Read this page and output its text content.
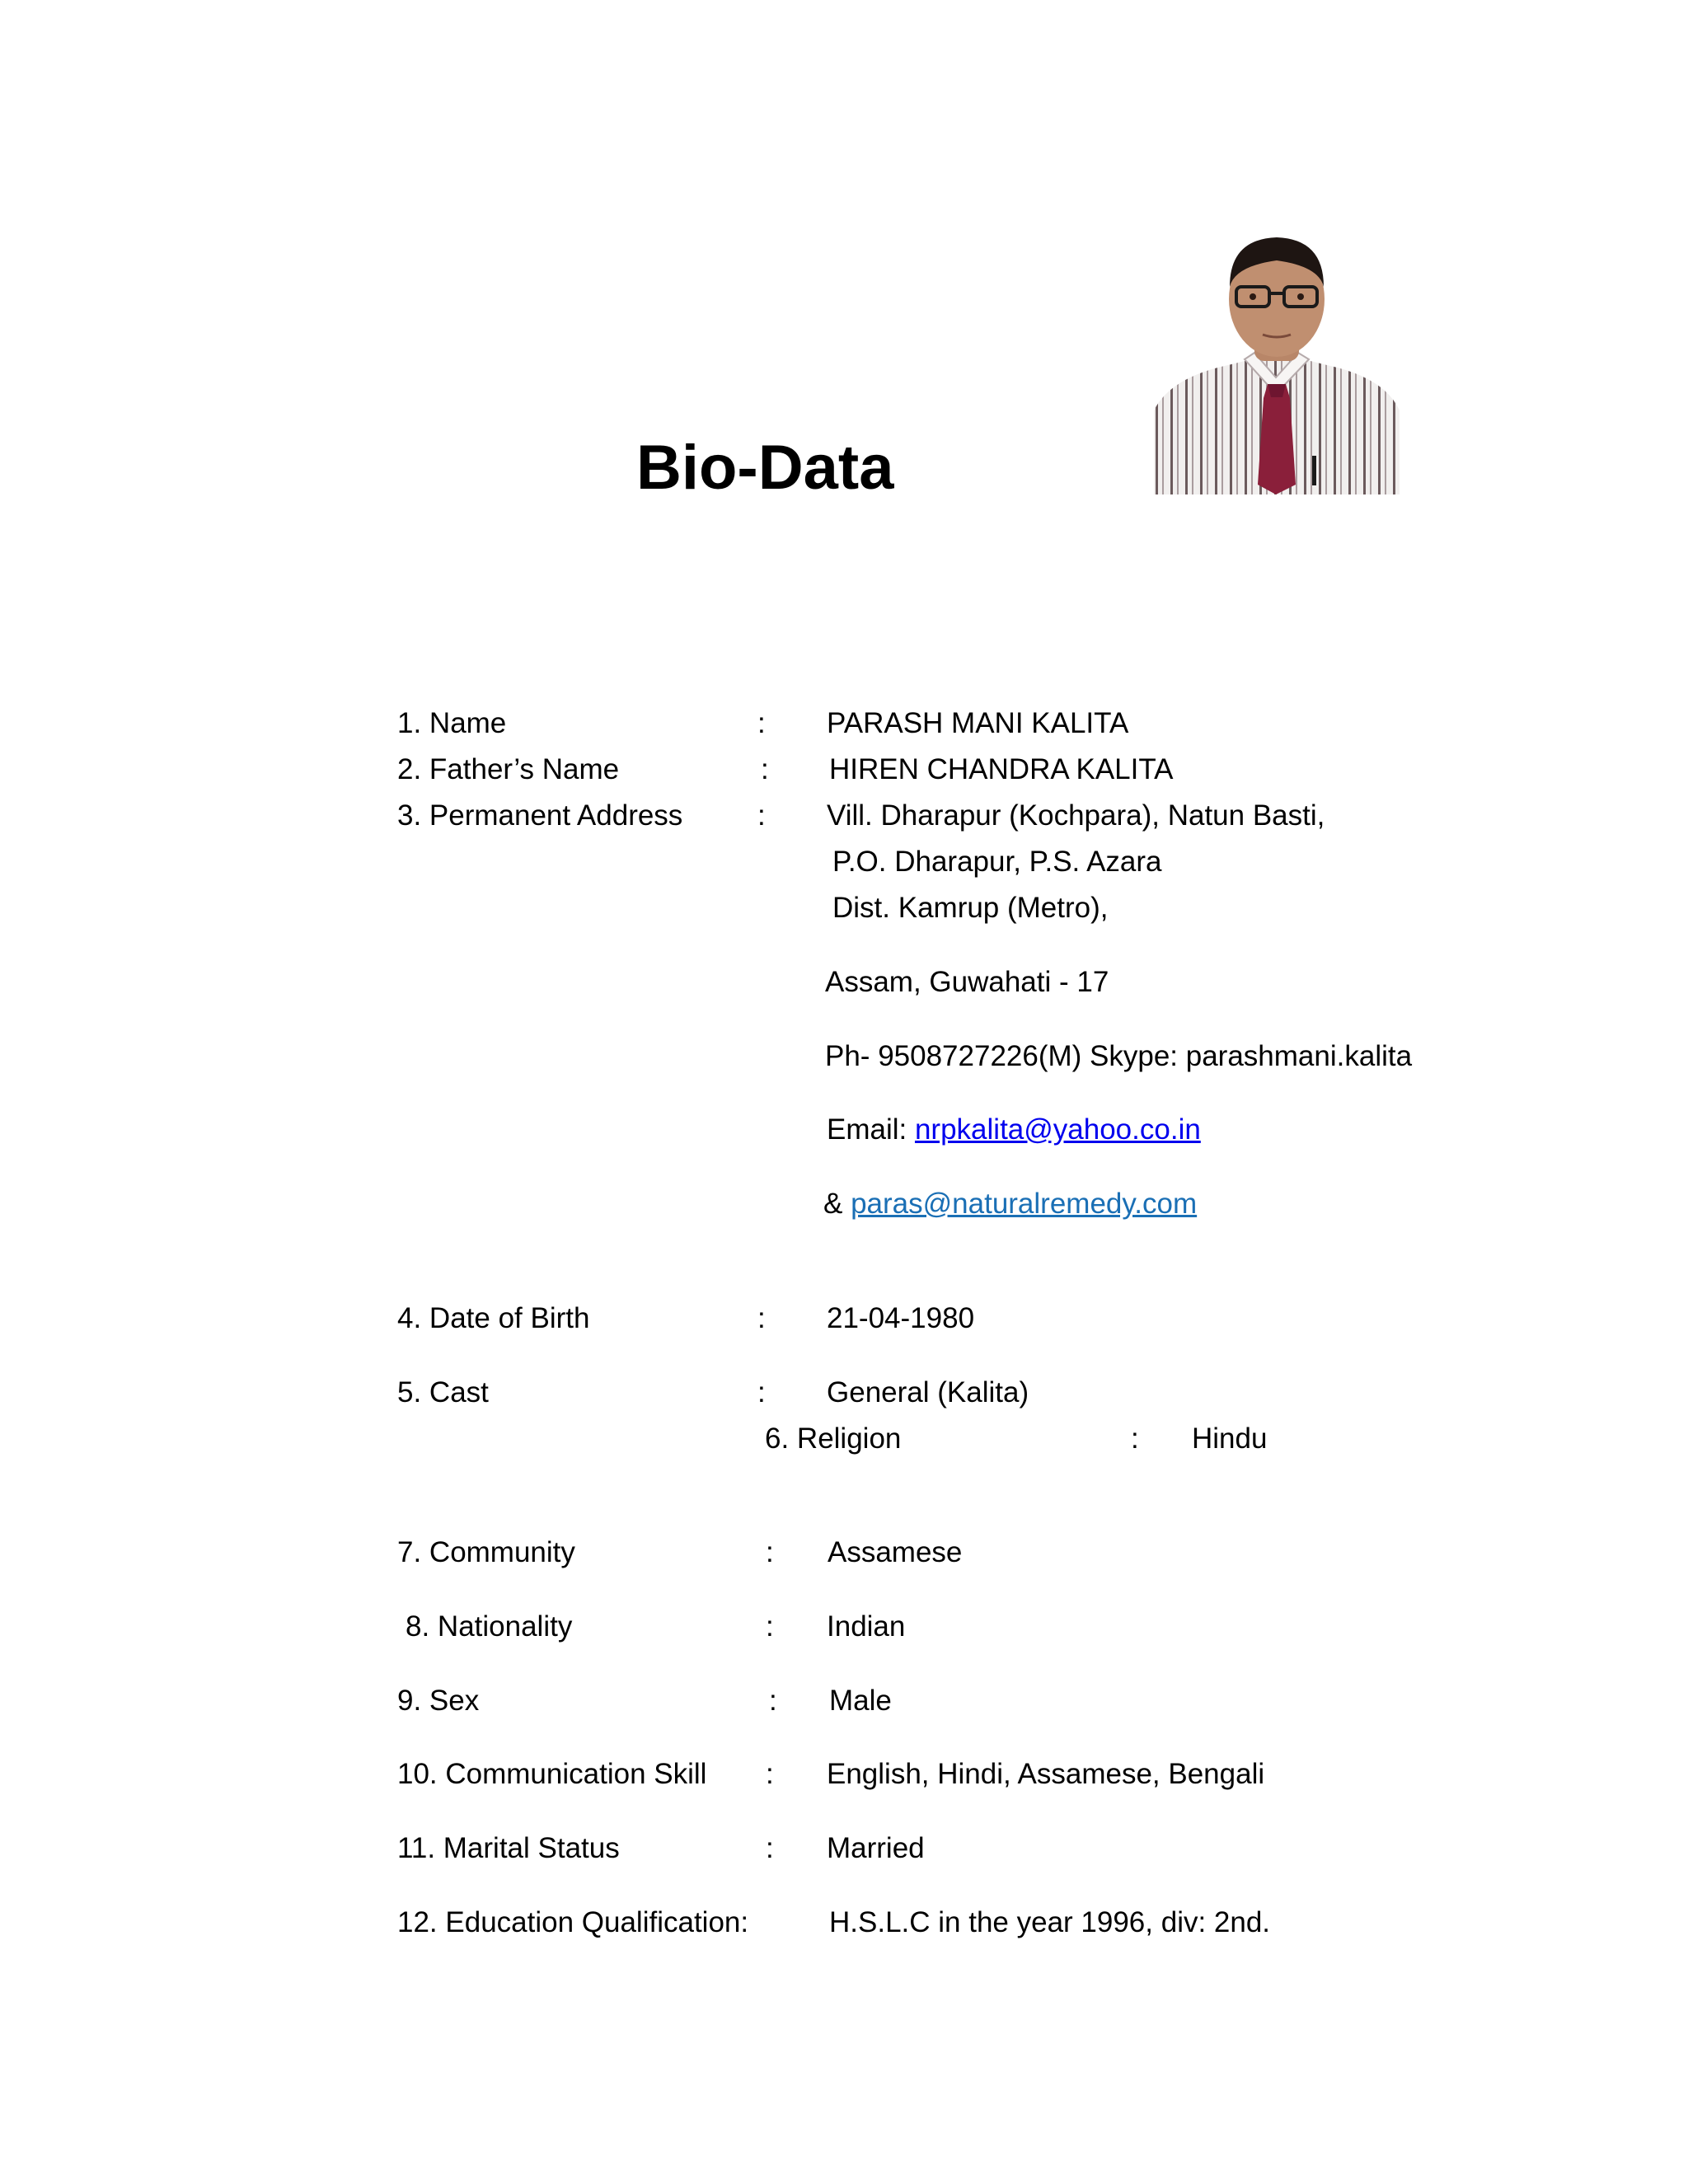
Bio-Data
1. Name	: PARASH MANI KALITA
2. Father’s Name	: HIREN CHANDRA KALITA
3. Permanent Address	: Vill. Dharapur (Kochpara), Natun Basti,
P.O. Dharapur, P.S. Azara
Dist. Kamrup (Metro),
Assam, Guwahati - 17
Ph- 9508727226(M) Skype: parashmani.kalita
Email: nrpkalita@yahoo.co.in
& paras@naturalremedy.com
4. Date of Birth	: 21-04-1980
5. Cast	: General (Kalita)
6. Religion	: Hindu
7. Community	: Assamese
8. Nationality	: Indian
9. Sex	: Male
10. Communication Skill : English, Hindi, Assamese, Bengali
11. Marital Status	: Married
12. Education Qualification:	H.S.L.C in the year 1996, div: 2nd.
